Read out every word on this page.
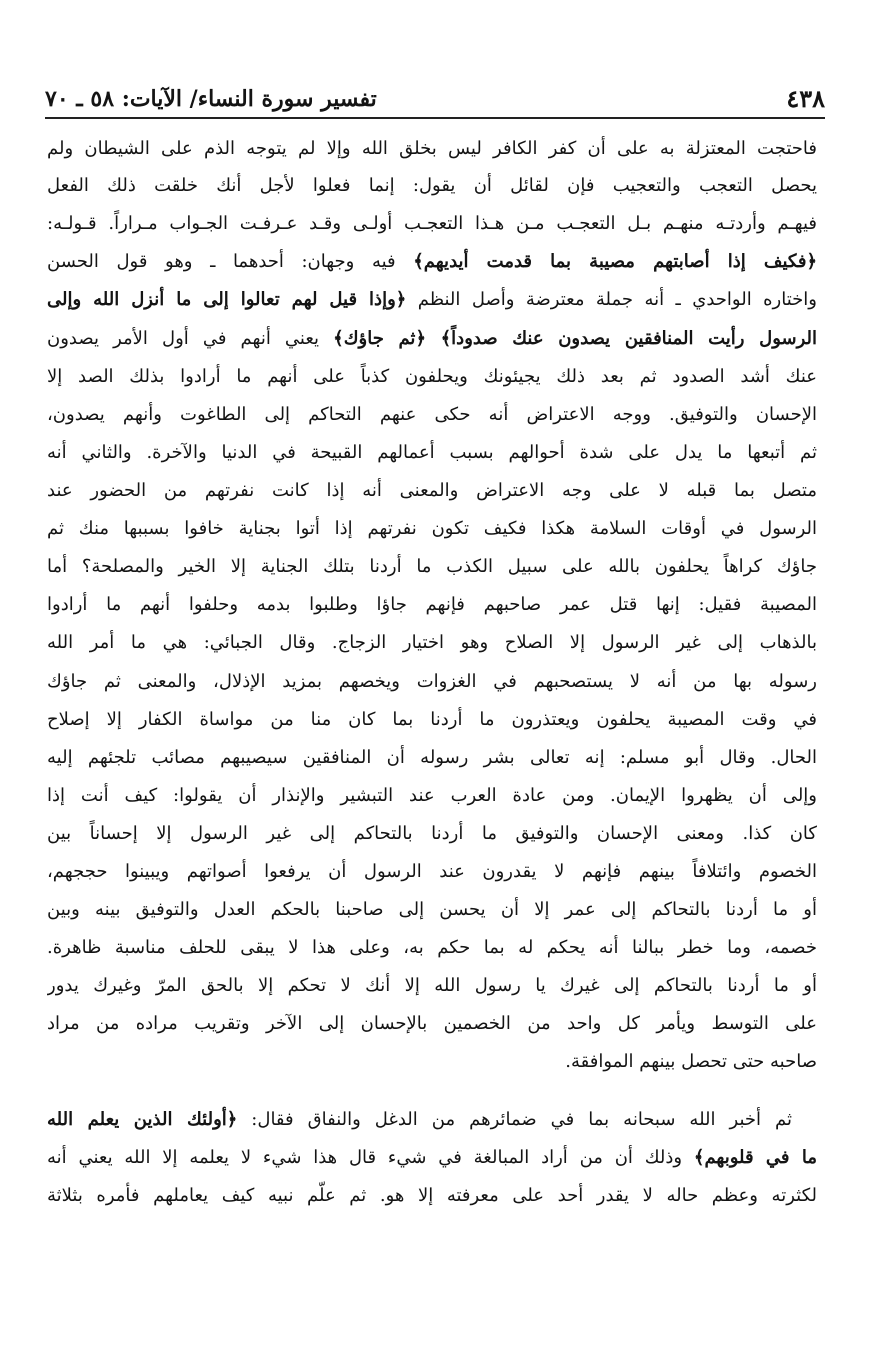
٤٣٨
تفسير سورة النساء/ الآيات: ٥٨ ـ ٧٠
فاحتجت المعتزلة به على أن كفر الكافر ليس بخلق الله وإلا لم يتوجه الذم على الشيطان ولم
يحصل التعجب والتعجيب فإن لقائل أن يقول: إنما فعلوا لأجل أنك خلقت ذلك الفعل
فيهـم وأردتـه منهـم بـل التعجـب مـن هـذا التعجـب أولـى وقـد عـرفـت الجـواب مـراراً. قـولـه:
﴿فكيف إذا أصابتهم مصيبة بما قدمت أيديهم﴾ فيه وجهان: أحدهما ـ وهو قول الحسن
واختاره الواحدي ـ أنه جملة معترضة وأصل النظم ﴿وإذا قيل لهم تعالوا إلى ما أنزل الله وإلى
الرسول رأيت المنافقين يصدون عنك صدوداً﴾ ﴿ثم جاؤك﴾ يعني أنهم في أول الأمر يصدون
عنك أشد الصدود ثم بعد ذلك يجيئونك ويحلفون كذباً على أنهم ما أرادوا بذلك الصد إلا
الإحسان والتوفيق. ووجه الاعتراض أنه حكى عنهم التحاكم إلى الطاغوت وأنهم يصدون،
ثم أتبعها ما يدل على شدة أحوالهم بسبب أعمالهم القبيحة في الدنيا والآخرة. والثاني أنه
متصل بما قبله لا على وجه الاعتراض والمعنى أنه إذا كانت نفرتهم من الحضور عند
الرسول في أوقات السلامة هكذا فكيف تكون نفرتهم إذا أتوا بجناية خافوا بسببها منك ثم
جاؤك كراهاً يحلفون بالله على سبيل الكذب ما أردنا بتلك الجناية إلا الخير والمصلحة؟ أما
المصيبة فقيل: إنها قتل عمر صاحبهم فإنهم جاؤا وطلبوا بدمه وحلفوا أنهم ما أرادوا
بالذهاب إلى غير الرسول إلا الصلاح وهو اختيار الزجاج. وقال الجبائي: هي ما أمر الله
رسوله بها من أنه لا يستصحبهم في الغزوات ويخصهم بمزيد الإذلال، والمعنى ثم جاؤك
في وقت المصيبة يحلفون ويعتذرون ما أردنا بما كان منا من مواساة الكفار إلا إصلاح
الحال. وقال أبو مسلم: إنه تعالى بشر رسوله أن المنافقين سيصيبهم مصائب تلجئهم إليه
وإلى أن يظهروا الإيمان. ومن عادة العرب عند التبشير والإنذار أن يقولوا: كيف أنت إذا
كان كذا. ومعنى الإحسان والتوفيق ما أردنا بالتحاكم إلى غير الرسول إلا إحساناً بين
الخصوم وائتلافاً بينهم فإنهم لا يقدرون عند الرسول أن يرفعوا أصواتهم ويبينوا حججهم،
أو ما أردنا بالتحاكم إلى عمر إلا أن يحسن إلى صاحبنا بالحكم العدل والتوفيق بينه وبين
خصمه، وما خطر ببالنا أنه يحكم له بما حكم به، وعلى هذا لا يبقى للحلف مناسبة ظاهرة.
أو ما أردنا بالتحاكم إلى غيرك يا رسول الله إلا أنك لا تحكم إلا بالحق المرّ وغيرك يدور
على التوسط ويأمر كل واحد من الخصمين بالإحسان إلى الآخر وتقريب مراده من مراد
صاحبه حتى تحصل بينهم الموافقة.
ثم أخبر الله سبحانه بما في ضمائرهم من الدغل والنفاق فقال: ﴿أولئك الذين يعلم الله
ما في قلوبهم﴾ وذلك أن من أراد المبالغة في شيء قال هذا شيء لا يعلمه إلا الله يعني أنه
لكثرته وعظم حاله لا يقدر أحد على معرفته إلا هو. ثم علّم نبيه كيف يعاملهم فأمره بثلاثة
